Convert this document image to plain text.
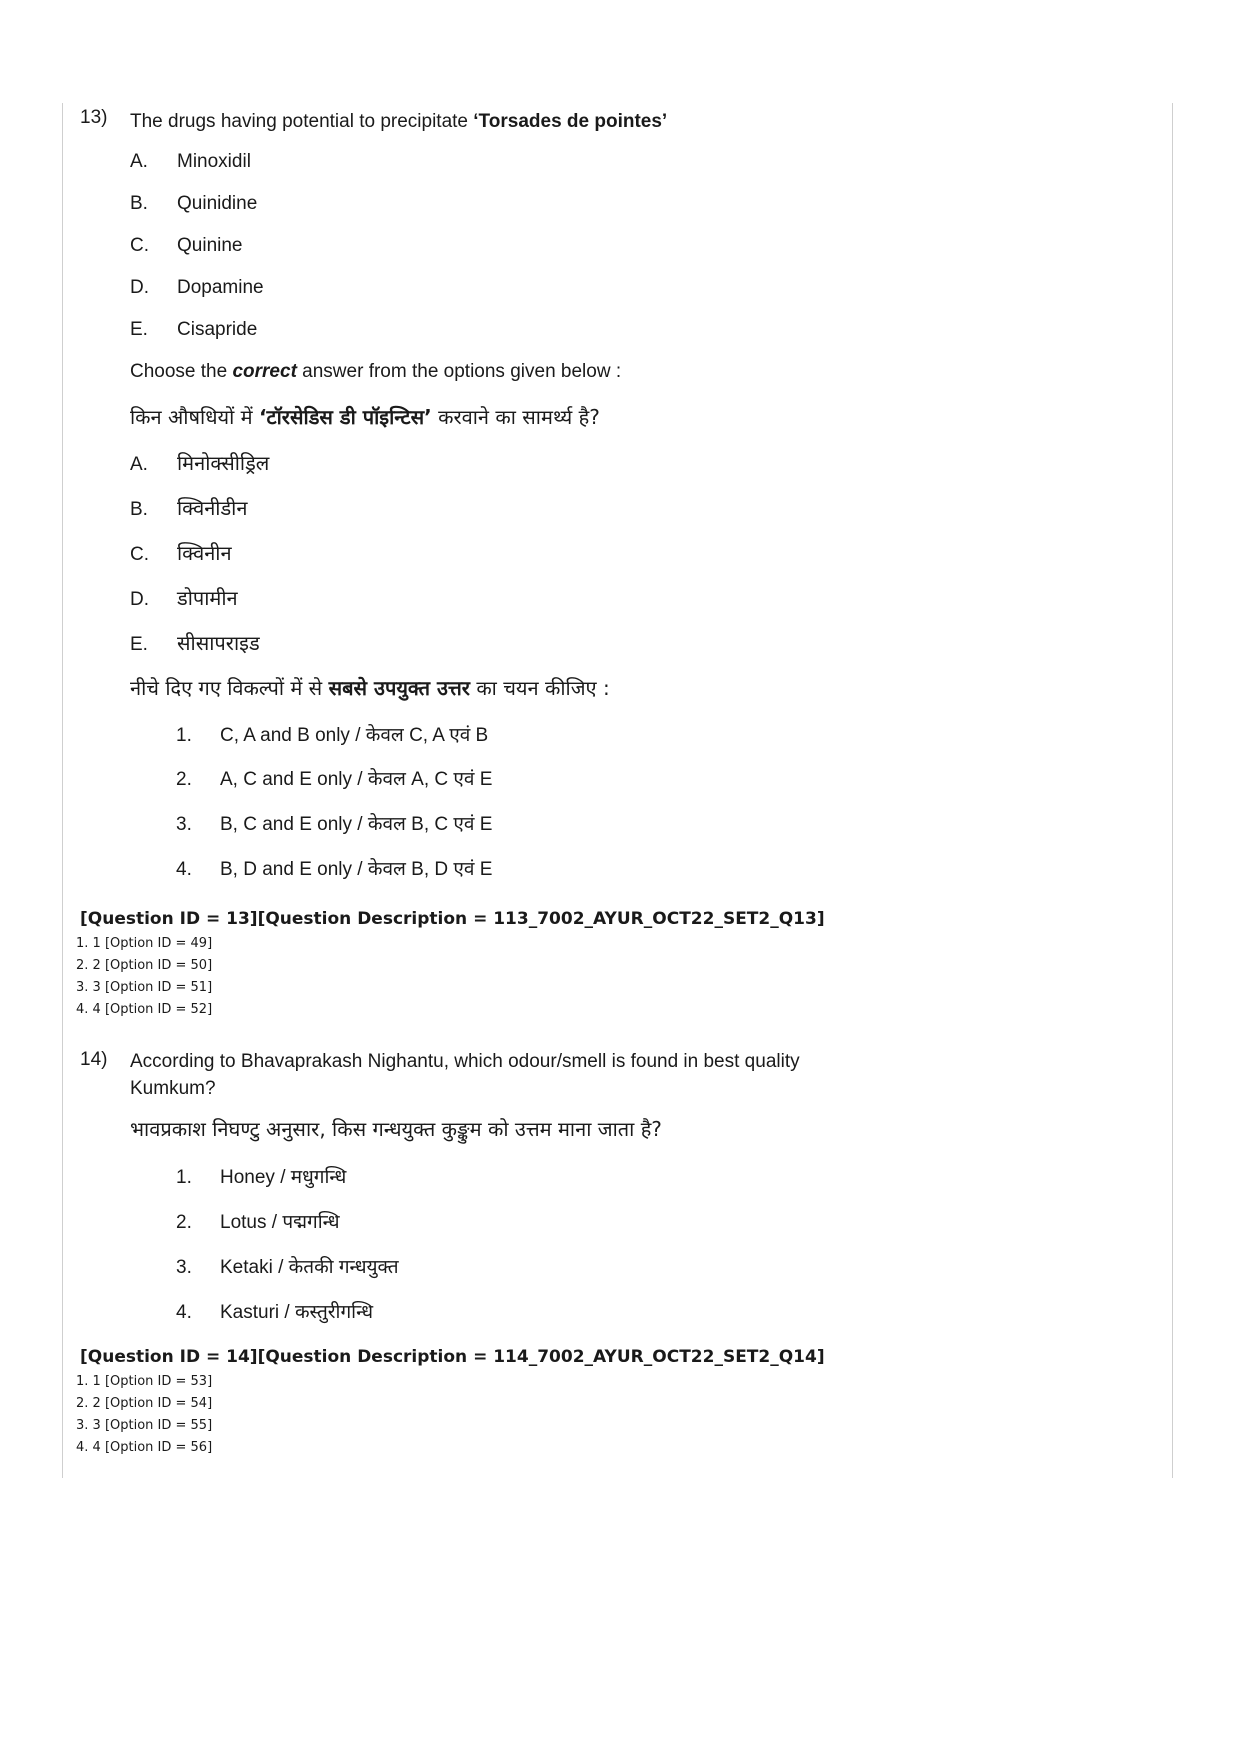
13) The drugs having potential to precipitate ‘Torsades de pointes’
A. Minoxidil
B. Quinidine
C. Quinine
D. Dopamine
E. Cisapride
Choose the correct answer from the options given below :
किन औषधियों में ‘टॉरसेडिस डी पॉइन्टिस’ करवाने का सामर्थ्य है?
A. मिनोक्सीड्रिल
B. क्विनीडीन
C. क्विनीन
D. डोपामीन
E. सीसापराइड
नीचे दिए गए विकल्पों में से सबसे उपयुक्त उत्तर का चयन कीजिए :
1. C, A and B only / केवल C, A एवं B
2. A, C and E only / केवल A, C एवं E
3. B, C and E only / केवल B, C एवं E
4. B, D and E only / केवल B, D एवं E
[Question ID = 13][Question Description = 113_7002_AYUR_OCT22_SET2_Q13]
1. 1 [Option ID = 49]
2. 2 [Option ID = 50]
3. 3 [Option ID = 51]
4. 4 [Option ID = 52]
14) According to Bhavaprakash Nighantu, which odour/smell is found in best quality
Kumkum?
भावप्रकाश निघण्टु अनुसार, किस गन्धयुक्त कुङ्कुम को उत्तम माना जाता है?
1. Honey / मधुगन्धि
2. Lotus / पद्मगन्धि
3. Ketaki / केतकी गन्धयुक्त
4. Kasturi / कस्तुरीगन्धि
[Question ID = 14][Question Description = 114_7002_AYUR_OCT22_SET2_Q14]
1. 1 [Option ID = 53]
2. 2 [Option ID = 54]
3. 3 [Option ID = 55]
4. 4 [Option ID = 56]
